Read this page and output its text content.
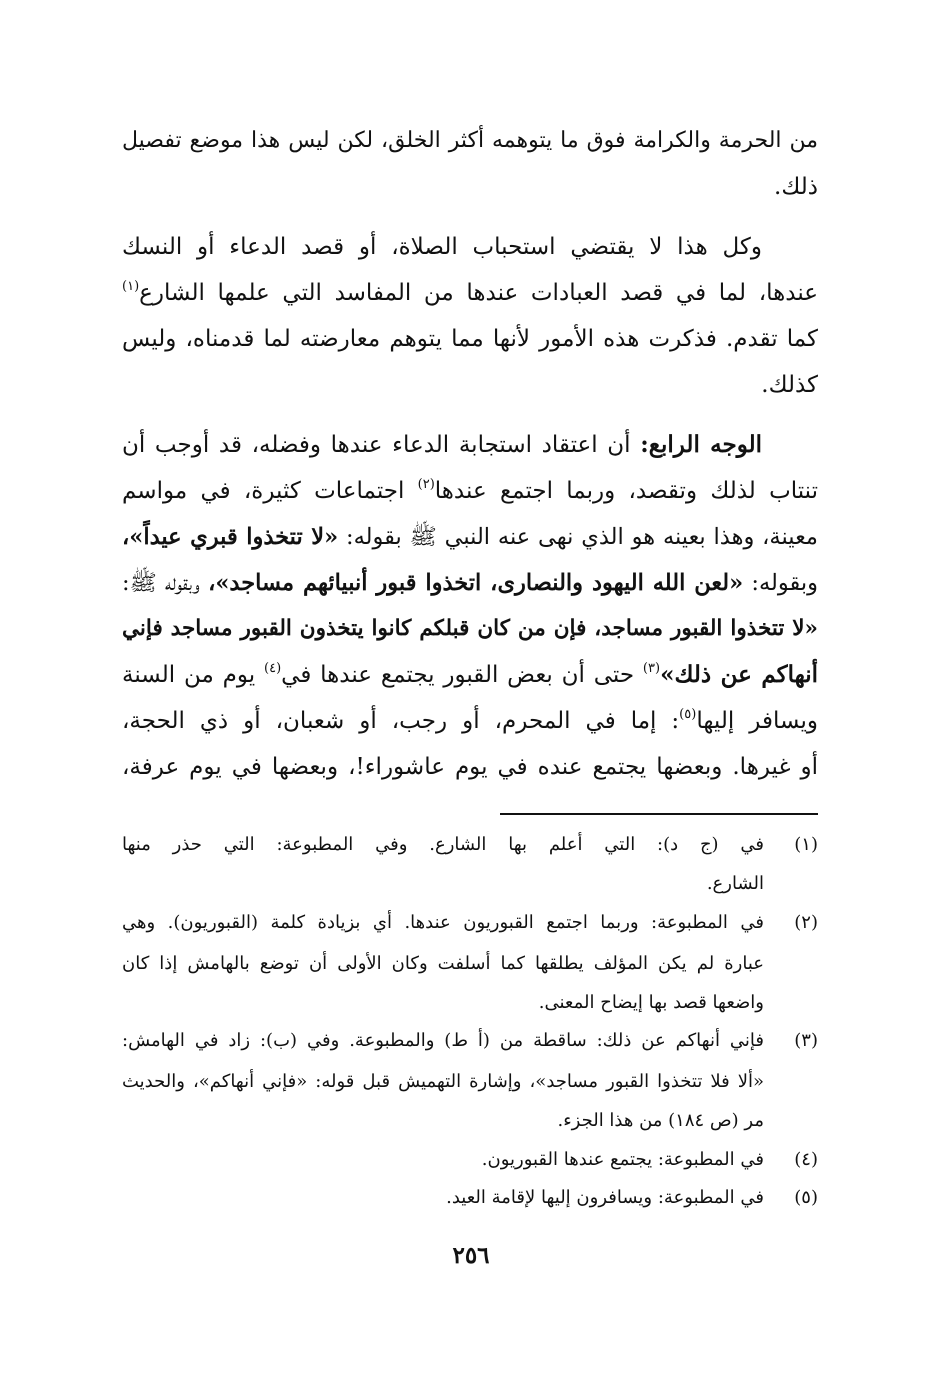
من الحرمة والكرامة فوق ما يتوهمه أكثر الخلق، لكن ليس هذا موضع تفصيل
ذلك.
وكل هذا لا يقتضي استحباب الصلاة، أو قصد الدعاء أو النسك
عندها، لما في قصد العبادات عندها من المفاسد التي علمها الشارع$^{(١)}$
كما تقدم. فذكرت هذه الأمور لأنها مما يتوهم معارضته لما قدمناه، وليس
كذلك.
الوجه الرابع: أن اعتقاد استجابة الدعاء عندها وفضله، قد أوجب أن
تنتاب لذلك وتقصد، وربما اجتمع عندها$^{(٢)}$ اجتماعات كثيرة، في مواسم
معينة، وهذا بعينه هو الذي نهى عنه النبي ﷺ بقوله: «لا تتخذوا قبري عيداً»،
وبقوله: «لعن الله اليهود والنصارى، اتخذوا قبور أنبيائهم مساجد»، وبقوله ﷺ:
«لا تتخذوا القبور مساجد، فإن من كان قبلكم كانوا يتخذون القبور مساجد فإني
أنهاكم عن ذلك»$^{(٣)}$ حتى أن بعض القبور يجتمع عندها في$^{(٤)}$ يوم من السنة
ويسافر إليها$^{(٥)}$: إما في المحرم، أو رجب، أو شعبان، أو ذي الحجة،
أو غيرها. وبعضها يجتمع عنده في يوم عاشوراء!، وبعضها في يوم عرفة،
(١)
في (ج د): التي أعلم بها الشارع. وفي المطبوعة: التي حذر منها
الشارع.
(٢)
في المطبوعة: وربما اجتمع القبوريون عندها. أي بزيادة كلمة (القبوريون). وهي
عبارة لم يكن المؤلف يطلقها كما أسلفت وكان الأولى أن توضع بالهامش إذا كان
واضعها قصد بها إيضاح المعنى.
(٣)
فإني أنهاكم عن ذلك: ساقطة من (أ ط) والمطبوعة. وفي (ب): زاد في الهامش:
«ألا فلا تتخذوا القبور مساجد»، وإشارة التهميش قبل قوله: «فإني أنهاكم»، والحديث
مر (ص ١٨٤) من هذا الجزء.
(٤)
في المطبوعة: يجتمع عندها القبوريون.
(٥)
في المطبوعة: ويسافرون إليها لإقامة العيد.
٢٥٦
